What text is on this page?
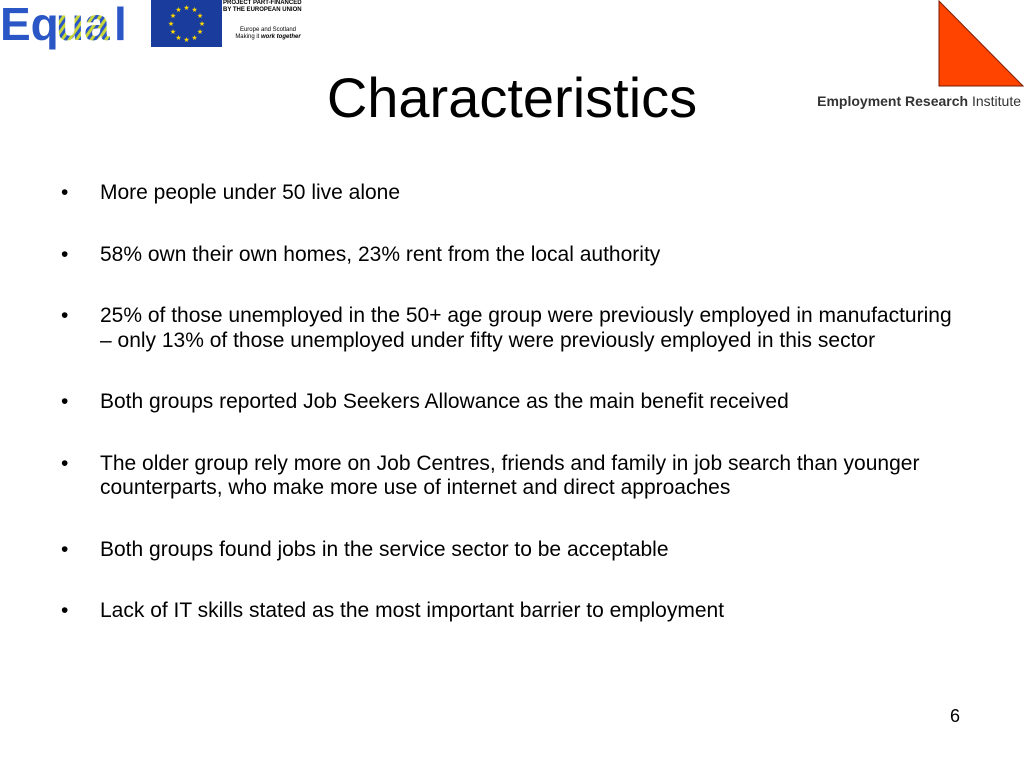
Eq
ua l	★ ★
★
★
★
★
★
★
★
★
★
★
PROJECT PART-FINANCED
BY THE EUROPEAN UNION
Europe and Scotland
Making it work together
Employment Research Institute
Characteristics
• More people under 50 live alone
• 58% own their own homes, 23% rent from the local authority
• 25% of those unemployed in the 50+ age group were previously employed in manufacturing – only 13% of those unemployed under fifty were previously employed in this sector
• Both groups reported Job Seekers Allowance as the main benefit received
• The older group rely more on Job Centres, friends and family in job search than younger counterparts, who make more use of internet and direct approaches
• Both groups found jobs in the service sector to be acceptable
• Lack of IT skills stated as the most important barrier to employment
6
